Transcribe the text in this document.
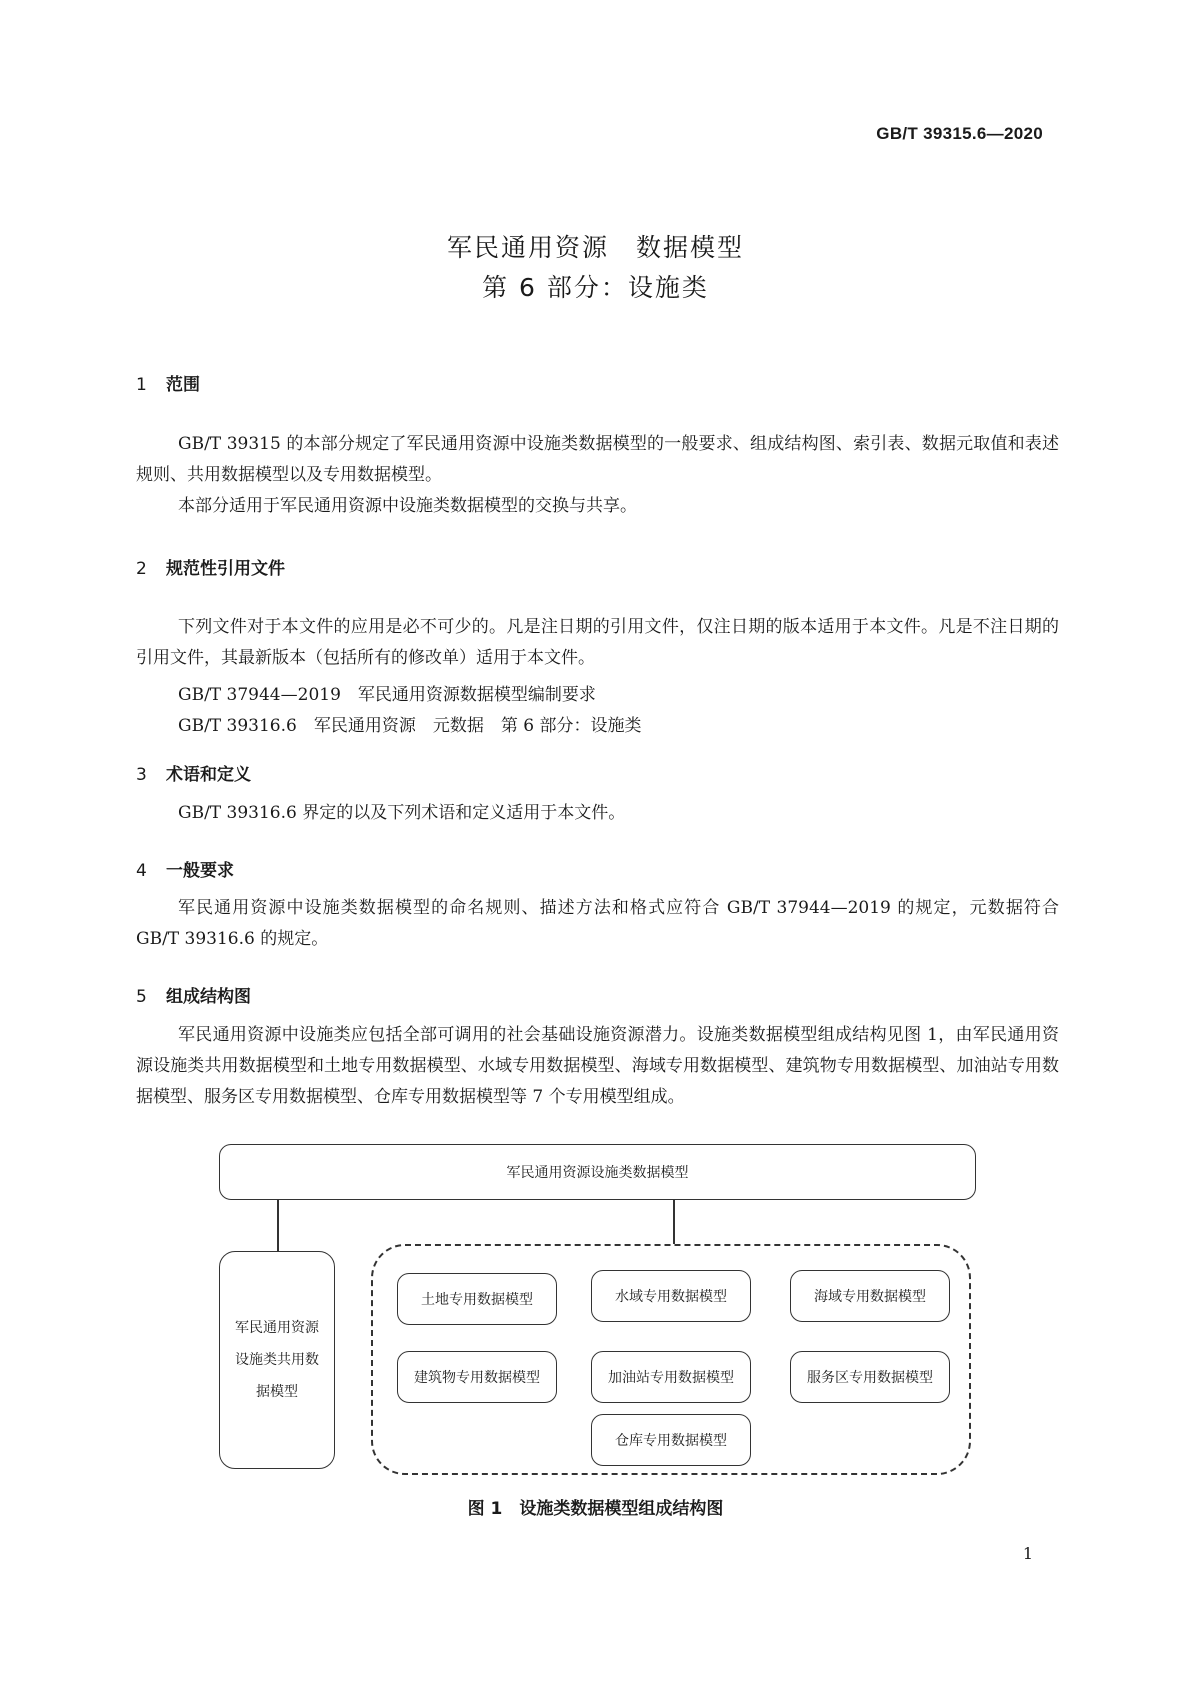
GB/T 39315.6—2020
军民通用资源　数据模型
第 6 部分：设施类
1 范围
GB/T 39315 的本部分规定了军民通用资源中设施类数据模型的一般要求、组成结构图、索引表、数据元取值和表述规则、共用数据模型以及专用数据模型。
本部分适用于军民通用资源中设施类数据模型的交换与共享。
2 规范性引用文件
下列文件对于本文件的应用是必不可少的。凡是注日期的引用文件，仅注日期的版本适用于本文件。凡是不注日期的引用文件，其最新版本（包括所有的修改单）适用于本文件。
GB/T 37944—2019　军民通用资源数据模型编制要求
GB/T 39316.6　军民通用资源　元数据　第 6 部分：设施类
3 术语和定义
GB/T 39316.6 界定的以及下列术语和定义适用于本文件。
4 一般要求
军民通用资源中设施类数据模型的命名规则、描述方法和格式应符合 GB/T 37944—2019 的规定，元数据符合 GB/T 39316.6 的规定。
5 组成结构图
军民通用资源中设施类应包括全部可调用的社会基础设施资源潜力。设施类数据模型组成结构见图 1，由军民通用资源设施类共用数据模型和土地专用数据模型、水域专用数据模型、海域专用数据模型、建筑物专用数据模型、加油站专用数据模型、服务区专用数据模型、仓库专用数据模型等 7 个专用模型组成。
军民通用资源设施类数据模型
军民通用资源设施类共用数据模型
土地专用数据模型	水域专用数据模型	海域专用数据模型
建筑物专用数据模型	加油站专用数据模型	服务区专用数据模型
仓库专用数据模型
图 1　设施类数据模型组成结构图
1
